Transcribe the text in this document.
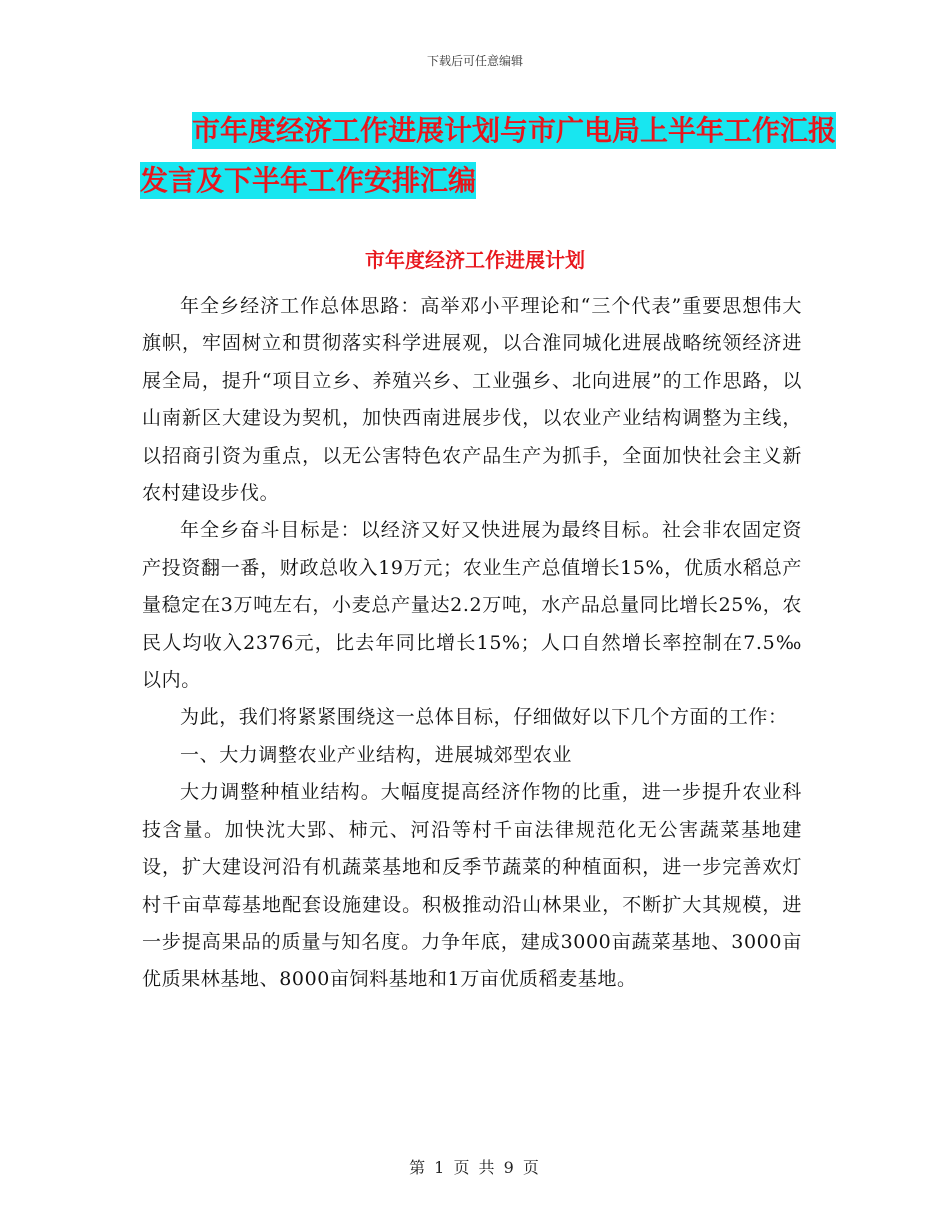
下载后可任意编辑
市年度经济工作进展计划与市广电局上半年工作汇报
发言及下半年工作安排汇编
市年度经济工作进展计划

年全乡经济工作总体思路：高举邓小平理论和“三个代表”重要思想伟大旗帜，牢固树立和贯彻落实科学进展观，以合淮同城化进展战略统领经济进展全局，提升“项目立乡、养殖兴乡、工业强乡、北向进展”的工作思路，以山南新区大建设为契机，加快西南进展步伐，以农业产业结构调整为主线，以招商引资为重点，以无公害特色农产品生产为抓手，全面加快社会主义新农村建设步伐。

年全乡奋斗目标是：以经济又好又快进展为最终目标。社会非农固定资产投资翻一番，财政总收入19万元；农业生产总值增长15%，优质水稻总产量稳定在3万吨左右，小麦总产量达2.2万吨，水产品总量同比增长25%，农民人均收入2376元，比去年同比增长15%；人口自然增长率控制在7.5‰以内。

为此，我们将紧紧围绕这一总体目标，仔细做好以下几个方面的工作：

一、大力调整农业产业结构，进展城郊型农业

大力调整种植业结构。大幅度提高经济作物的比重，进一步提升农业科技含量。加快沈大郢、柿元、河沿等村千亩法律规范化无公害蔬菜基地建设，扩大建设河沿有机蔬菜基地和反季节蔬菜的种植面积，进一步完善欢灯村千亩草莓基地配套设施建设。积极推动沿山林果业，不断扩大其规模，进一步提高果品的质量与知名度。力争年底，建成3000亩蔬菜基地、3000亩优质果林基地、8000亩饲料基地和1万亩优质稻麦基地。

第 1 页 共 9 页
